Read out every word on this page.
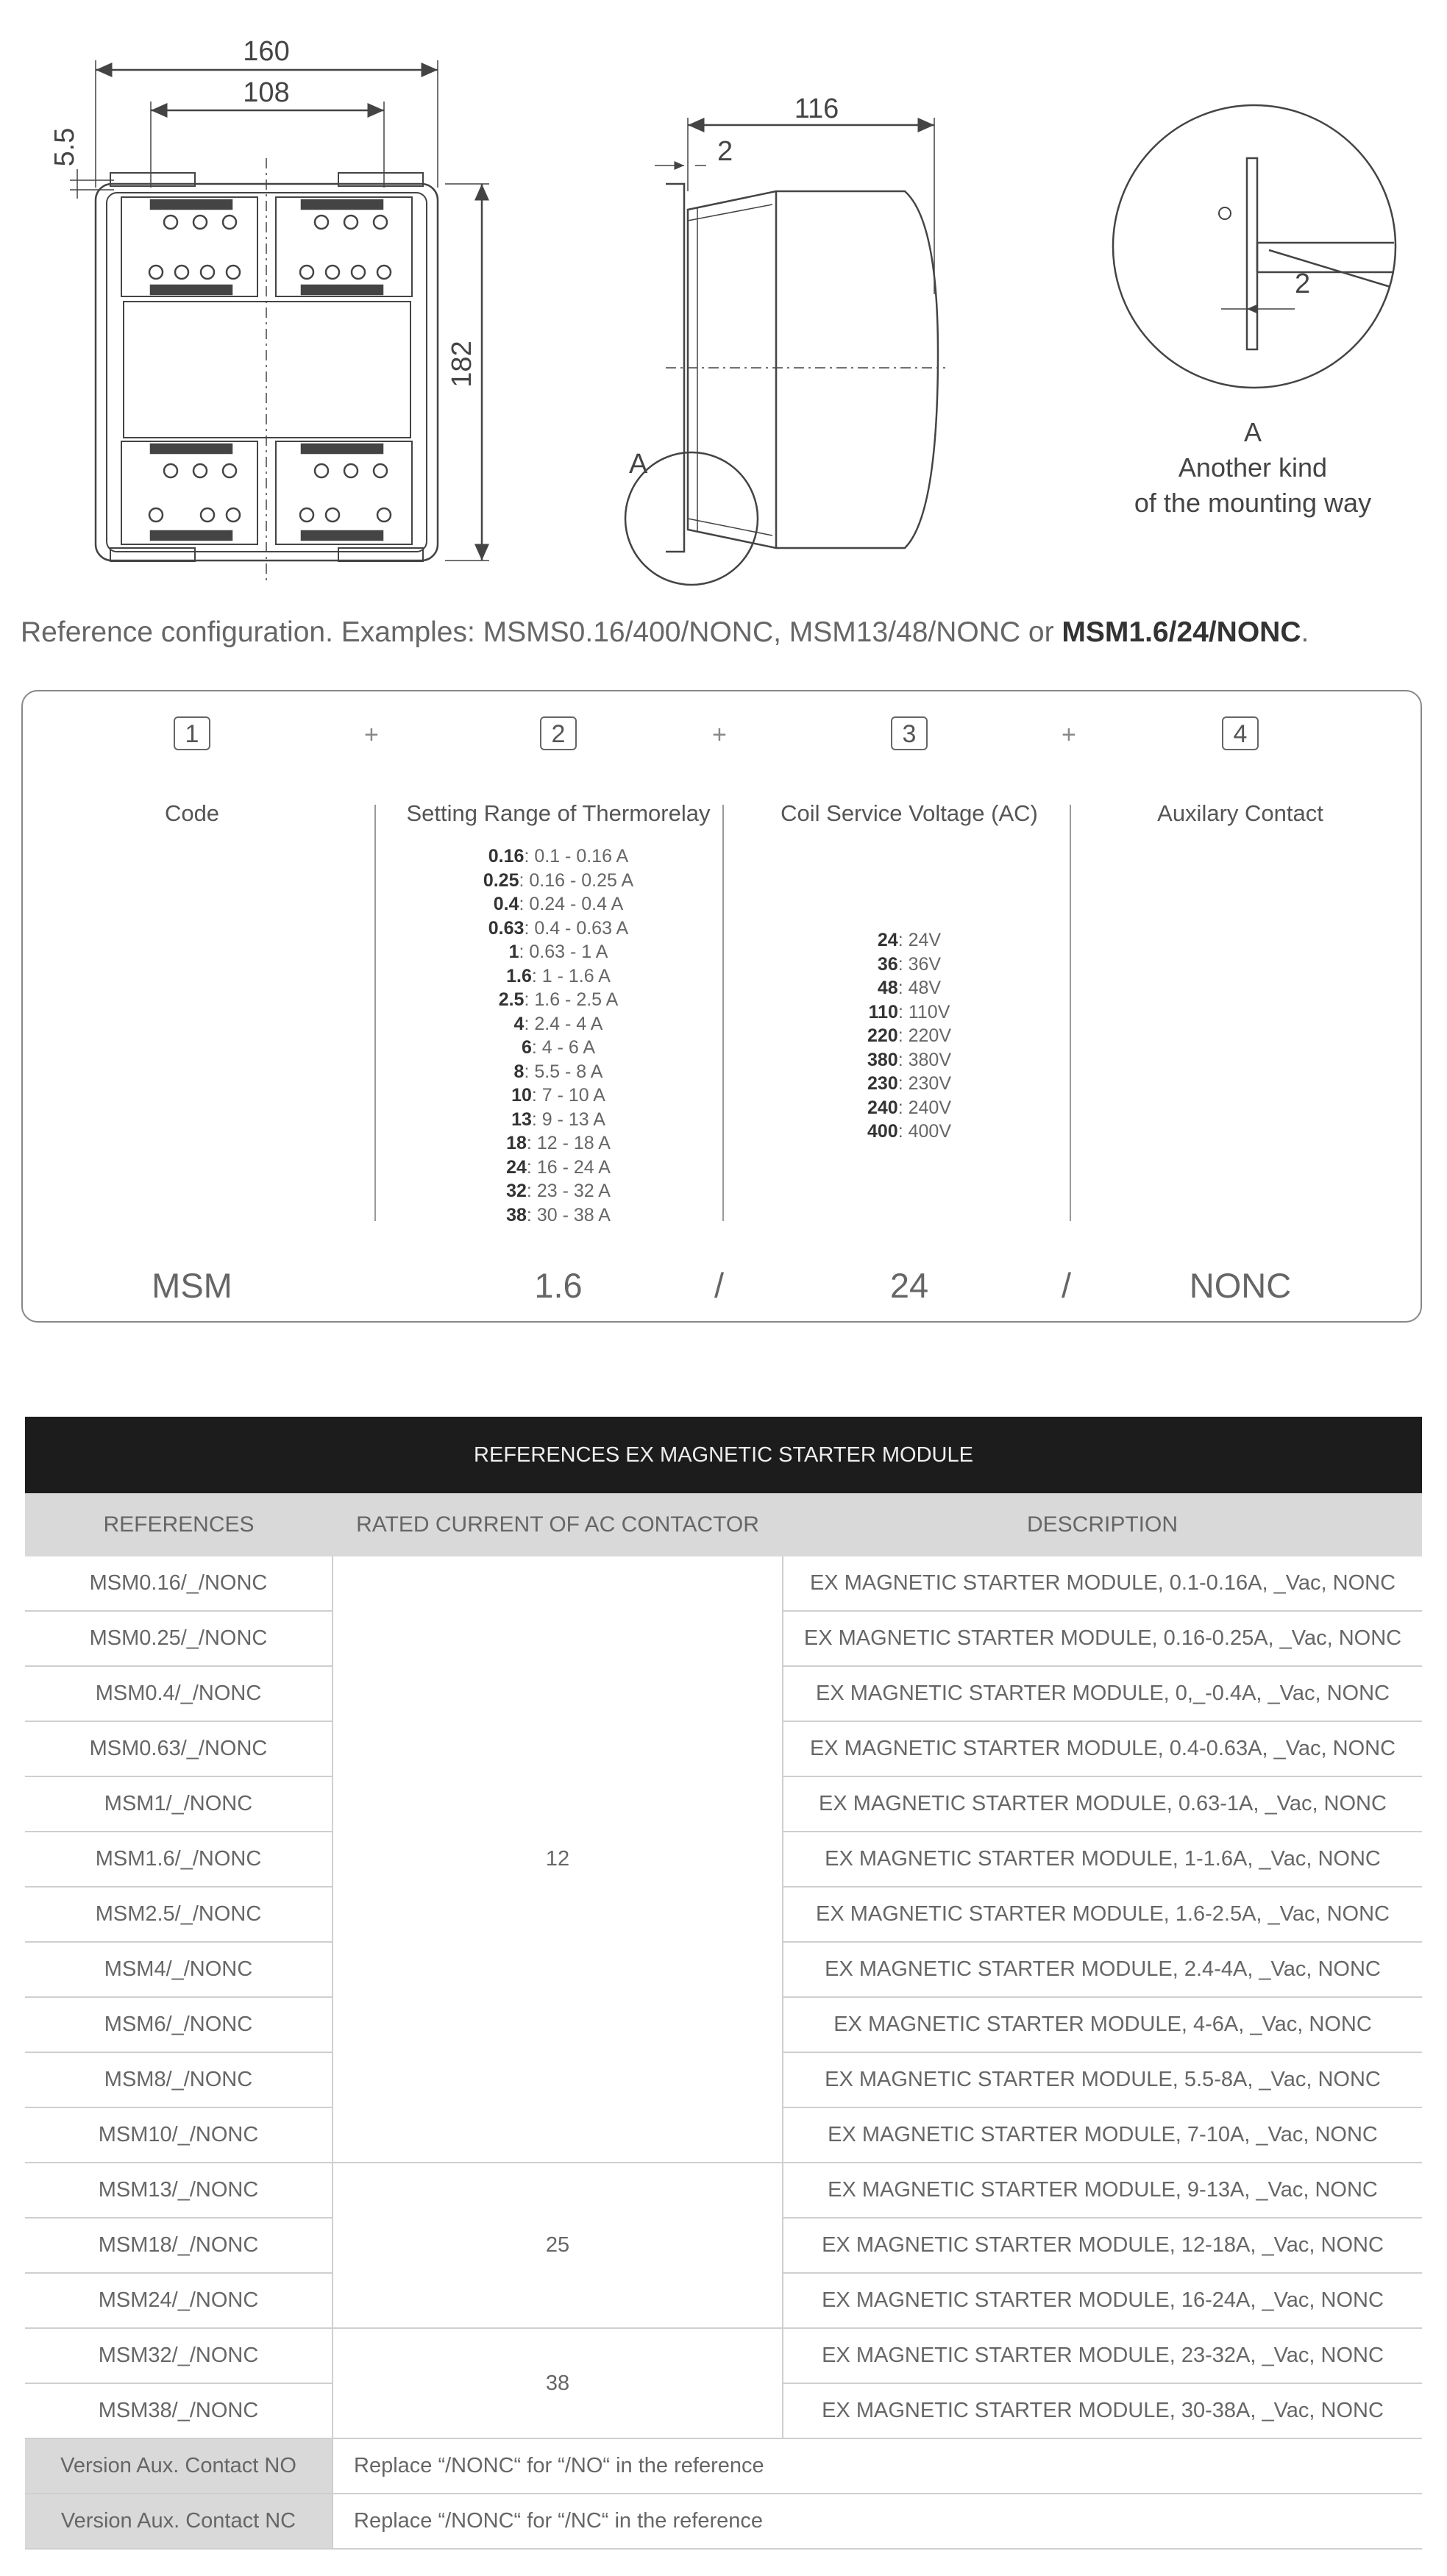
160
108
5.5
182
116
2
A
2
A
Another kind
of the mounting way
Reference configuration. Examples: MSMS0.16/400/NONC, MSM13/48/NONC or MSM1.6/24/NONC.
1
Code
+	2
Setting Range of Thermorelay
0.16: 0.1 - 0.16 A
0.25: 0.16 - 0.25 A
0.4: 0.24 - 0.4 A
0.63: 0.4 - 0.63 A
1: 0.63 - 1 A
1.6: 1 - 1.6 A
2.5: 1.6 - 2.5 A
4: 2.4 - 4 A
6: 4 - 6 A
8: 5.5 - 8 A
10: 7 - 10 A
13: 9 - 13 A
18: 12 - 18 A
24: 16 - 24 A
32: 23 - 32 A
38: 30 - 38 A
+	3
Coil Service Voltage (AC)
24: 24V
36: 36V
48: 48V
110: 110V
220: 220V
380: 380V
230: 230V
240: 240V
400: 400V
+	4
Auxilary Contact
MSM	1.6	/	24	/	NONC
REFERENCES EX MAGNETIC STARTER MODULE		
REFERENCES	RATED CURRENT OF AC CONTACTOR	DESCRIPTION
MSM0.16/_/NONC	12	EX MAGNETIC STARTER MODULE, 0.1-0.16A, _Vac, NONC
MSM0.25/_/NONC		EX MAGNETIC STARTER MODULE, 0.16-0.25A, _Vac, NONC
MSM0.4/_/NONC		EX MAGNETIC STARTER MODULE, 0,_-0.4A, _Vac, NONC
MSM0.63/_/NONC		EX MAGNETIC STARTER MODULE, 0.4-0.63A, _Vac, NONC
MSM1/_/NONC		EX MAGNETIC STARTER MODULE, 0.63-1A, _Vac, NONC
MSM1.6/_/NONC		EX MAGNETIC STARTER MODULE, 1-1.6A, _Vac, NONC
MSM2.5/_/NONC		EX MAGNETIC STARTER MODULE, 1.6-2.5A, _Vac, NONC
MSM4/_/NONC		EX MAGNETIC STARTER MODULE, 2.4-4A, _Vac, NONC
MSM6/_/NONC		EX MAGNETIC STARTER MODULE, 4-6A, _Vac, NONC
MSM8/_/NONC		EX MAGNETIC STARTER MODULE, 5.5-8A, _Vac, NONC
MSM10/_/NONC		EX MAGNETIC STARTER MODULE, 7-10A, _Vac, NONC
MSM13/_/NONC	25	EX MAGNETIC STARTER MODULE, 9-13A, _Vac, NONC
MSM18/_/NONC		EX MAGNETIC STARTER MODULE, 12-18A, _Vac, NONC
MSM24/_/NONC		EX MAGNETIC STARTER MODULE, 16-24A, _Vac, NONC
MSM32/_/NONC	38	EX MAGNETIC STARTER MODULE, 23-32A, _Vac, NONC
MSM38/_/NONC		EX MAGNETIC STARTER MODULE, 30-38A, _Vac, NONC
Version Aux. Contact NO	Replace “/NONC“ for “/NO“ in the reference	
Version Aux. Contact NC	Replace “/NONC“ for “/NC“ in the reference	
